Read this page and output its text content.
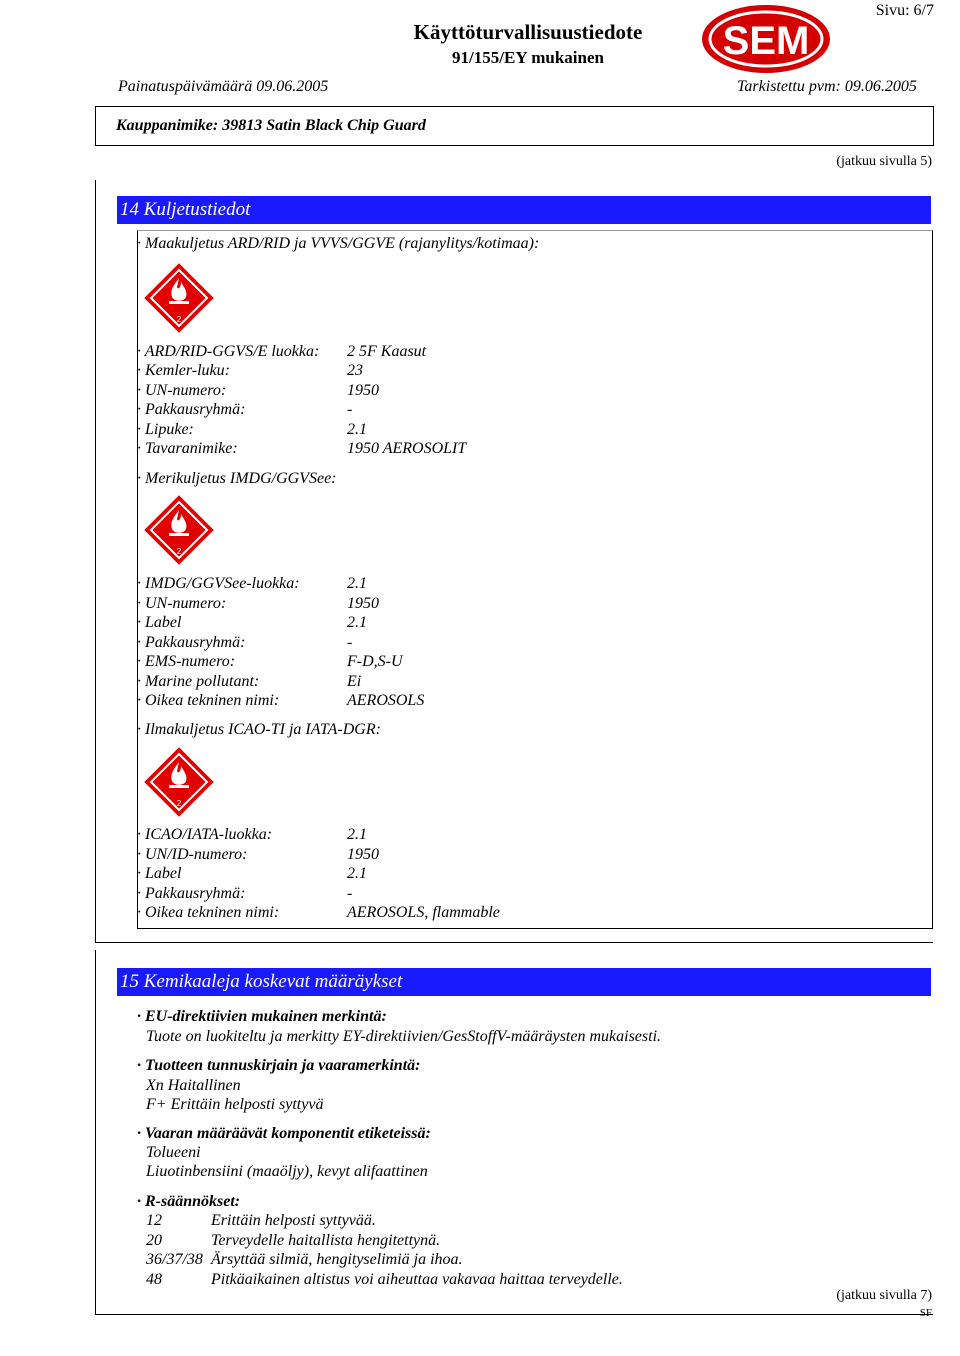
Käyttöturvallisuustiedote
91/155/EY mukainen
Sivu: 6/7
SEM
Painatuspäivämäärä 09.06.2005	Tarkistettu pvm: 09.06.2005
Kauppanimike: 39813 Satin Black Chip Guard
(jatkuu sivulla 5)
14 Kuljetustiedot
· Maakuljetus ARD/RID ja VVVS/GGVE (rajanylitys/kotimaa):
2
· ARD/RID-GGVS/E luokka: 2 5F Kaasut
· Kemler-luku:	23
· UN-numero:	1950
· Pakkausryhmä:	-
· Lipuke:	2.1
· Tavaranimike:	1950 AEROSOLIT
· Merikuljetus IMDG/GGVSee:
2
· IMDG/GGVSee-luokka:	2.1
· UN-numero:	1950
· Label	2.1
· Pakkausryhmä:	-
· EMS-numero:	F-D,S-U
· Marine pollutant:	Ei
· Oikea tekninen nimi:	AEROSOLS
· Ilmakuljetus ICAO-TI ja IATA-DGR:
2
· ICAO/IATA-luokka:	2.1
· UN/ID-numero:	1950
· Label	2.1
· Pakkausryhmä:	-
· Oikea tekninen nimi:	AEROSOLS, flammable
15 Kemikaaleja koskevat määräykset
· EU-direktiivien mukainen merkintä:
Tuote on luokiteltu ja merkitty EY-direktiivien/GesStoffV-määräysten mukaisesti.
· Tuotteen tunnuskirjain ja vaaramerkintä:
Xn Haitallinen
F+ Erittäin helposti syttyvä
· Vaaran määräävät komponentit etiketeissä:
Tolueeni
Liuotinbensiini (maaöljy), kevyt alifaattinen
· R-säännökset:
12	Erittäin helposti syttyvää.
20	Terveydelle haitallista hengitettynä.
36/37/38 Ärsyttää silmiä, hengityselimiä ja ihoa.
48	Pitkäaikainen altistus voi aiheuttaa vakavaa haittaa terveydelle.
(jatkuu sivulla 7)
SF
